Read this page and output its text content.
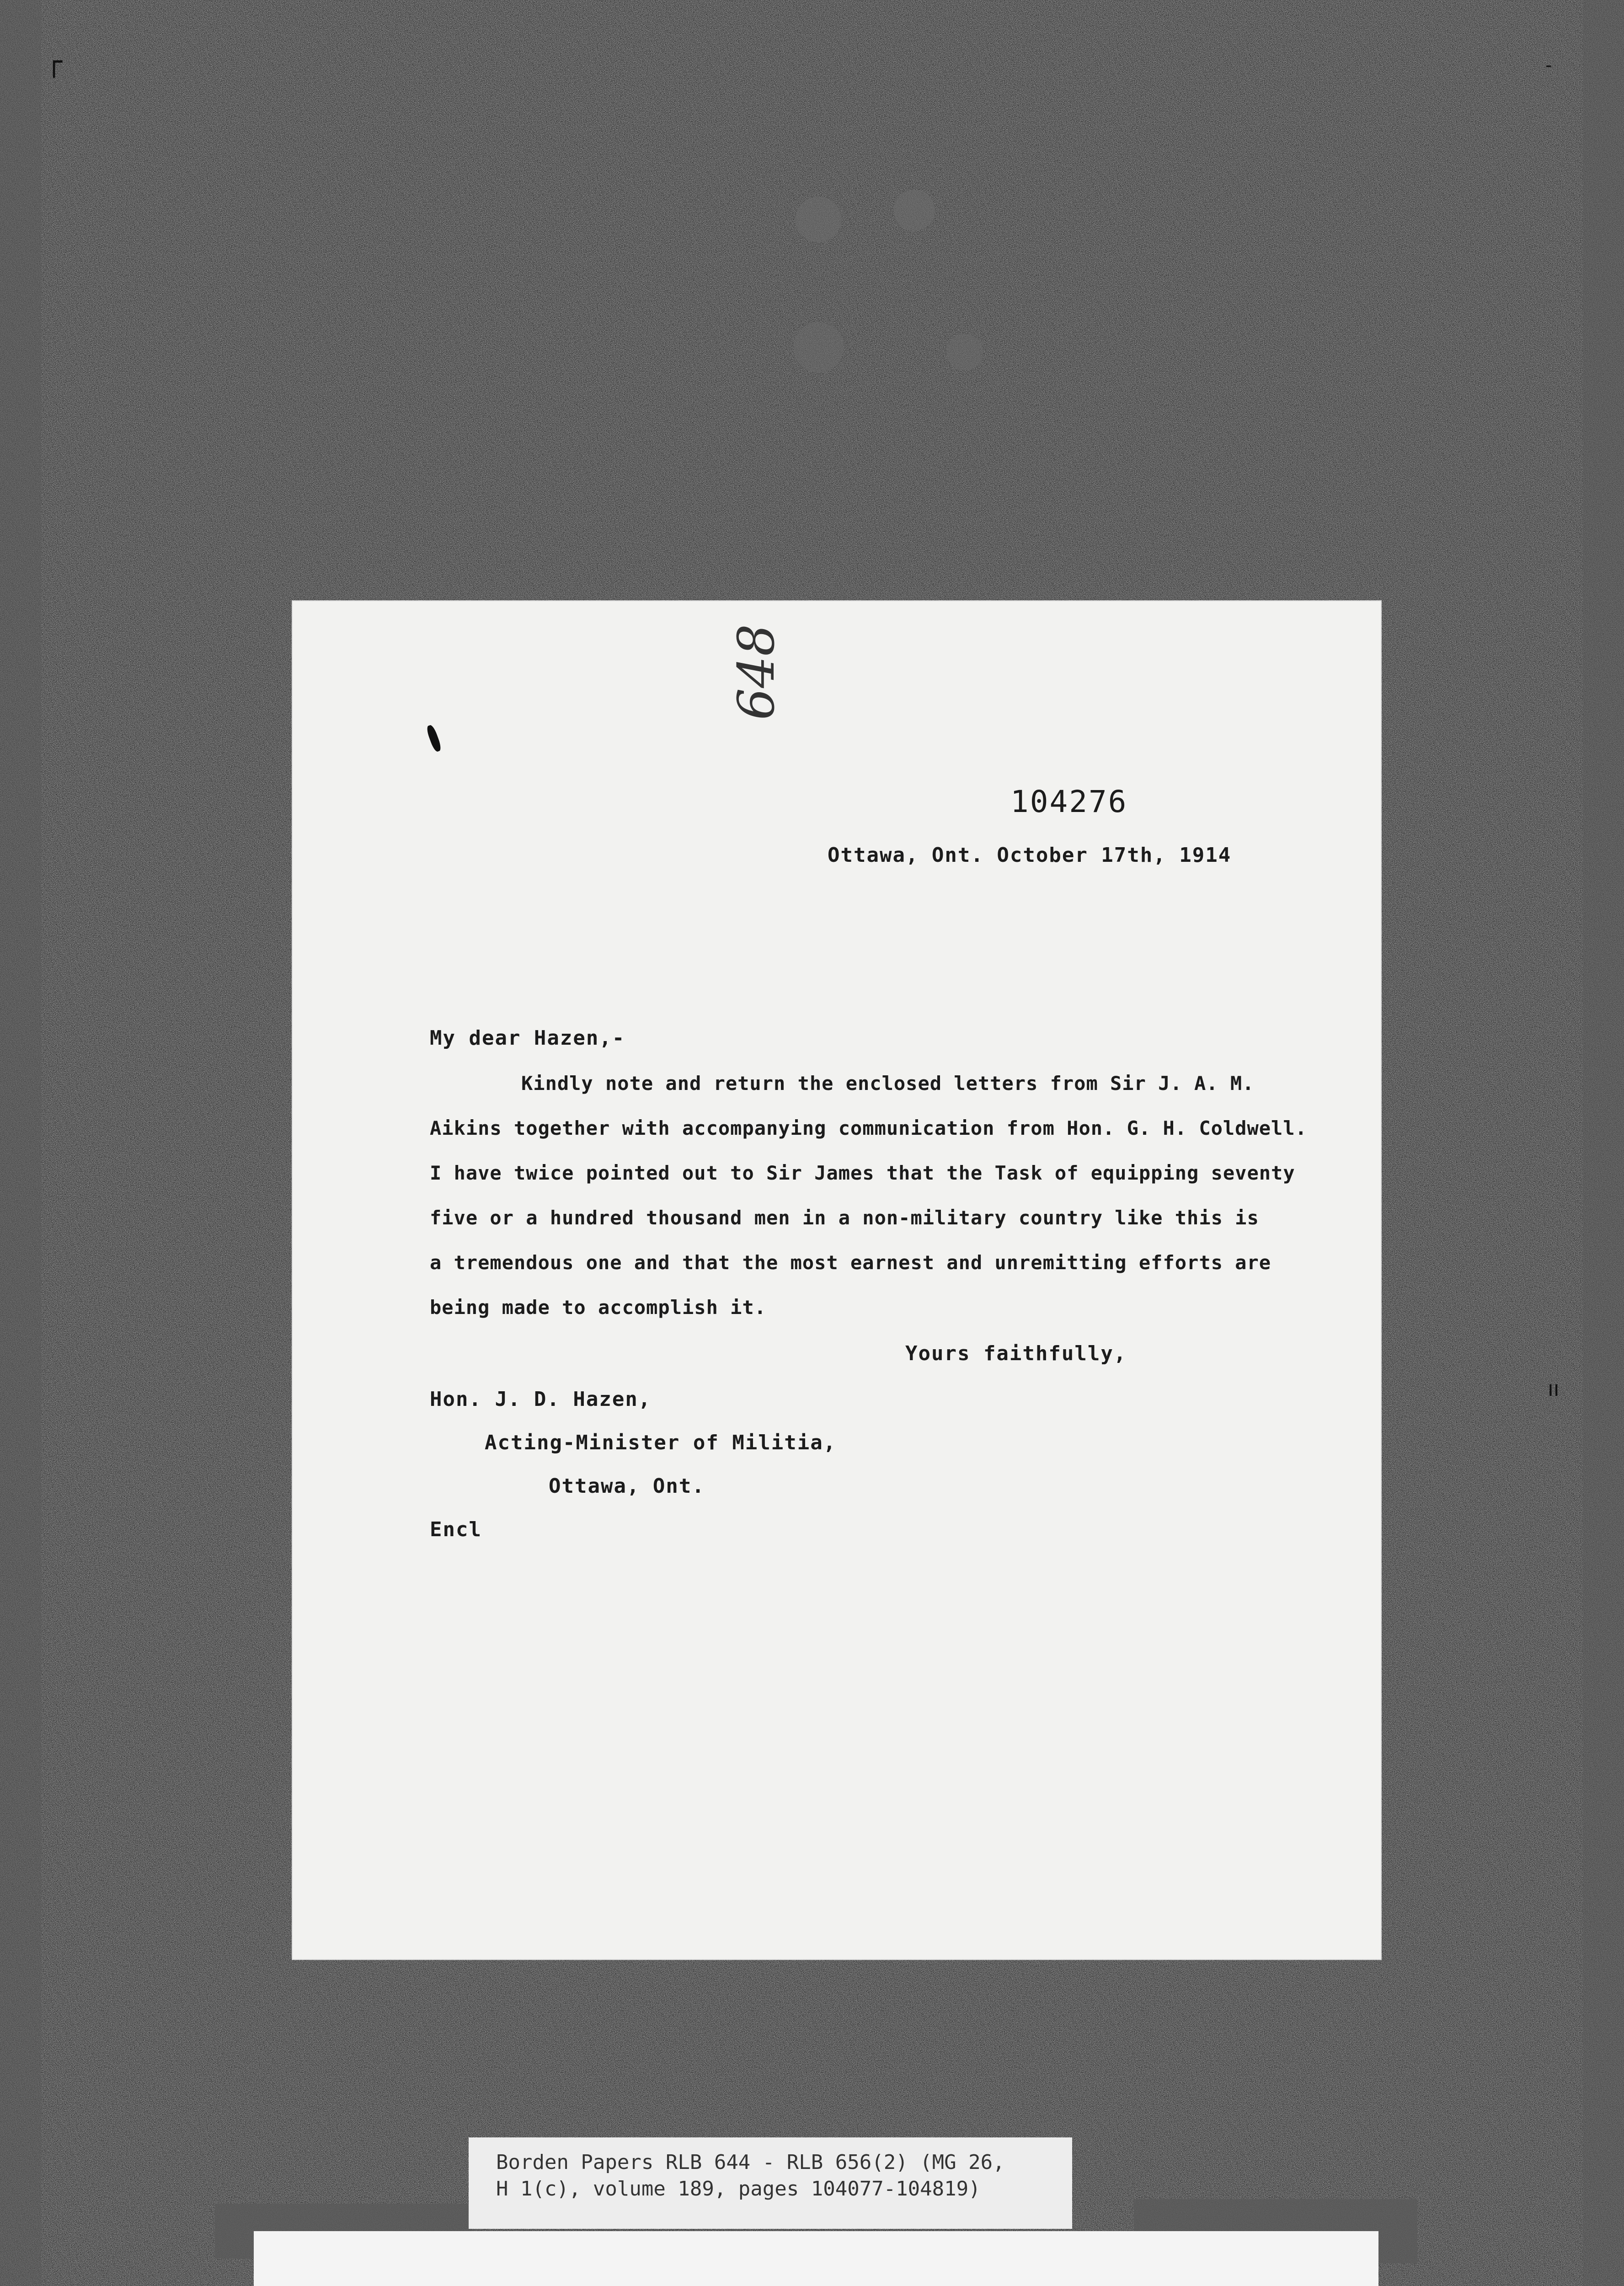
┌	-
ıı
648
104276
Ottawa, Ont. October 17th, 1914
My dear Hazen,-
Kindly note and return the enclosed letters from Sir J. A. M.
Aikins together with accompanying communication from Hon. G. H. Coldwell.
I have twice pointed out to Sir James that the Task of equipping seventy
five or a hundred thousand men in a non-military country like this is
a tremendous one and that the most earnest and unremitting efforts are
being made to accomplish it.
Yours faithfully,
Hon. J. D. Hazen,
Acting-Minister of Militia,
Ottawa, Ont.
Encl
Borden Papers RLB 644 - RLB 656(2) (MG 26,
H 1(c), volume 189, pages 104077-104819)
